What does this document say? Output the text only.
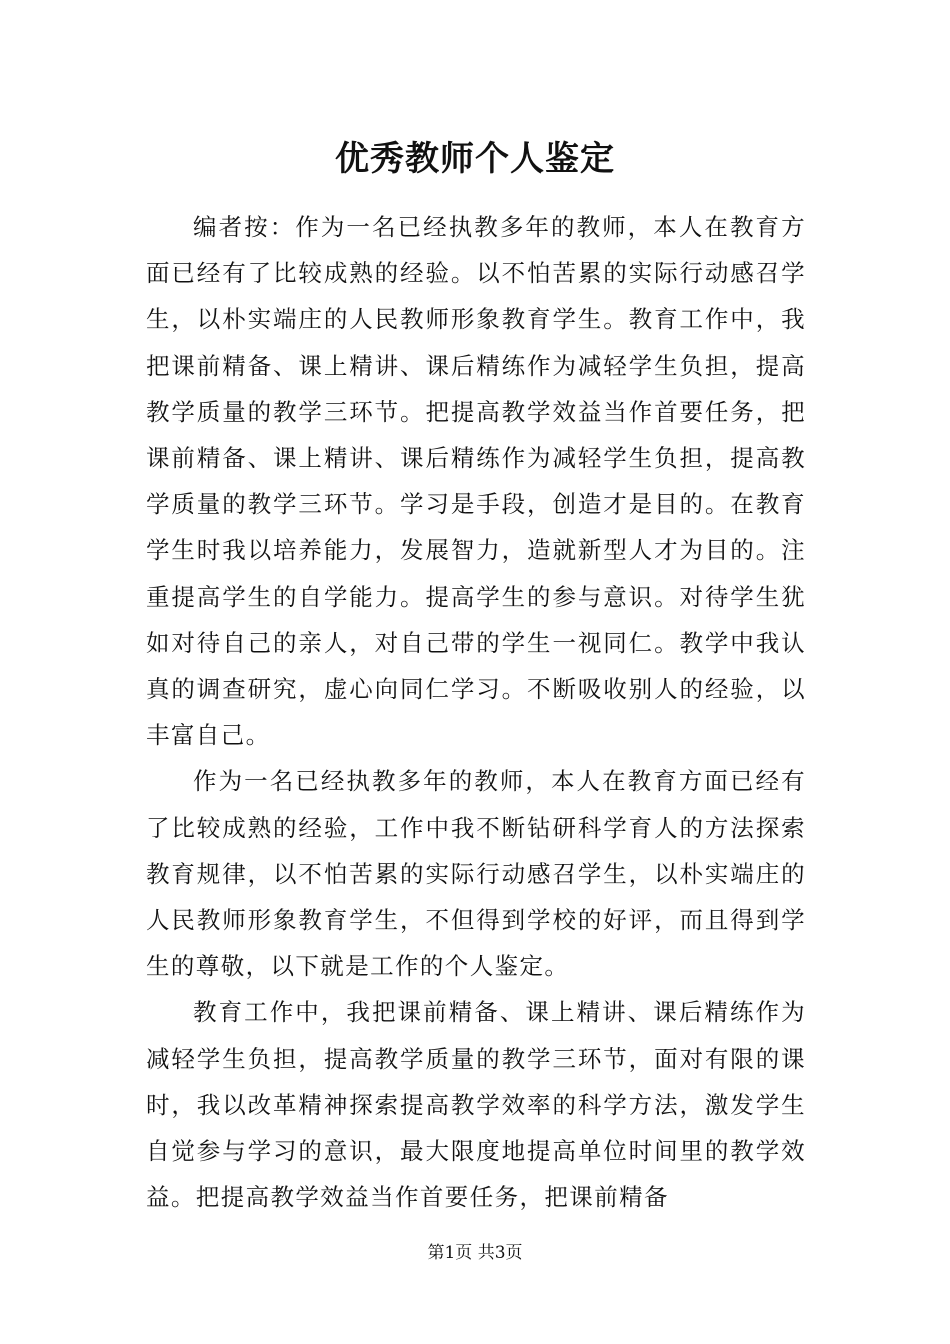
优秀教师个人鉴定

编者按：作为一名已经执教多年的教师，本人在教育方面已经有了比较成熟的经验。以不怕苦累的实际行动感召学生，以朴实端庄的人民教师形象教育学生。教育工作中，我把课前精备、课上精讲、课后精练作为减轻学生负担，提高教学质量的教学三环节。把提高教学效益当作首要任务，把课前精备、课上精讲、课后精练作为减轻学生负担，提高教学质量的教学三环节。学习是手段，创造才是目的。在教育学生时我以培养能力，发展智力，造就新型人才为目的。注重提高学生的自学能力。提高学生的参与意识。对待学生犹如对待自己的亲人，对自己带的学生一视同仁。教学中我认真的调查研究，虚心向同仁学习。不断吸收别人的经验，以丰富自己。

作为一名已经执教多年的教师，本人在教育方面已经有了比较成熟的经验，工作中我不断钻研科学育人的方法探索教育规律，以不怕苦累的实际行动感召学生，以朴实端庄的人民教师形象教育学生，不但得到学校的好评，而且得到学生的尊敬，以下就是工作的个人鉴定。

教育工作中，我把课前精备、课上精讲、课后精练作为减轻学生负担，提高教学质量的教学三环节，面对有限的课时，我以改革精神探索提高教学效率的科学方法，激发学生自觉参与学习的意识，最大限度地提高单位时间里的教学效益。把提高教学效益当作首要任务，把课前精备

第1页 共3页
